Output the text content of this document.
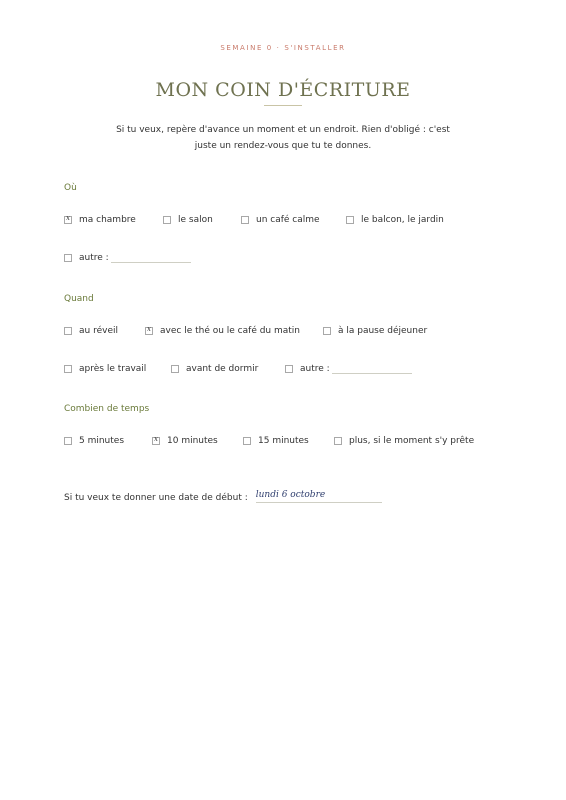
SEMAINE 0 · S'INSTALLER
MON COIN D'ÉCRITURE
Si tu veux, repère d'avance un moment et un endroit. Rien d'obligé : c'est
juste un rendez-vous que tu te donnes.
Où
x
ma chambre	le salon	un café calme	le balcon, le jardin
autre :
Quand
au réveil x	avec le thé ou le café du matin	à la pause déjeuner
après le travail	avant de dormir	autre :
Combien de temps
5 minutes x	10 minutes	15 minutes	plus, si le moment s'y prête
Si tu veux te donner une date de début : lundi 6 octobre
